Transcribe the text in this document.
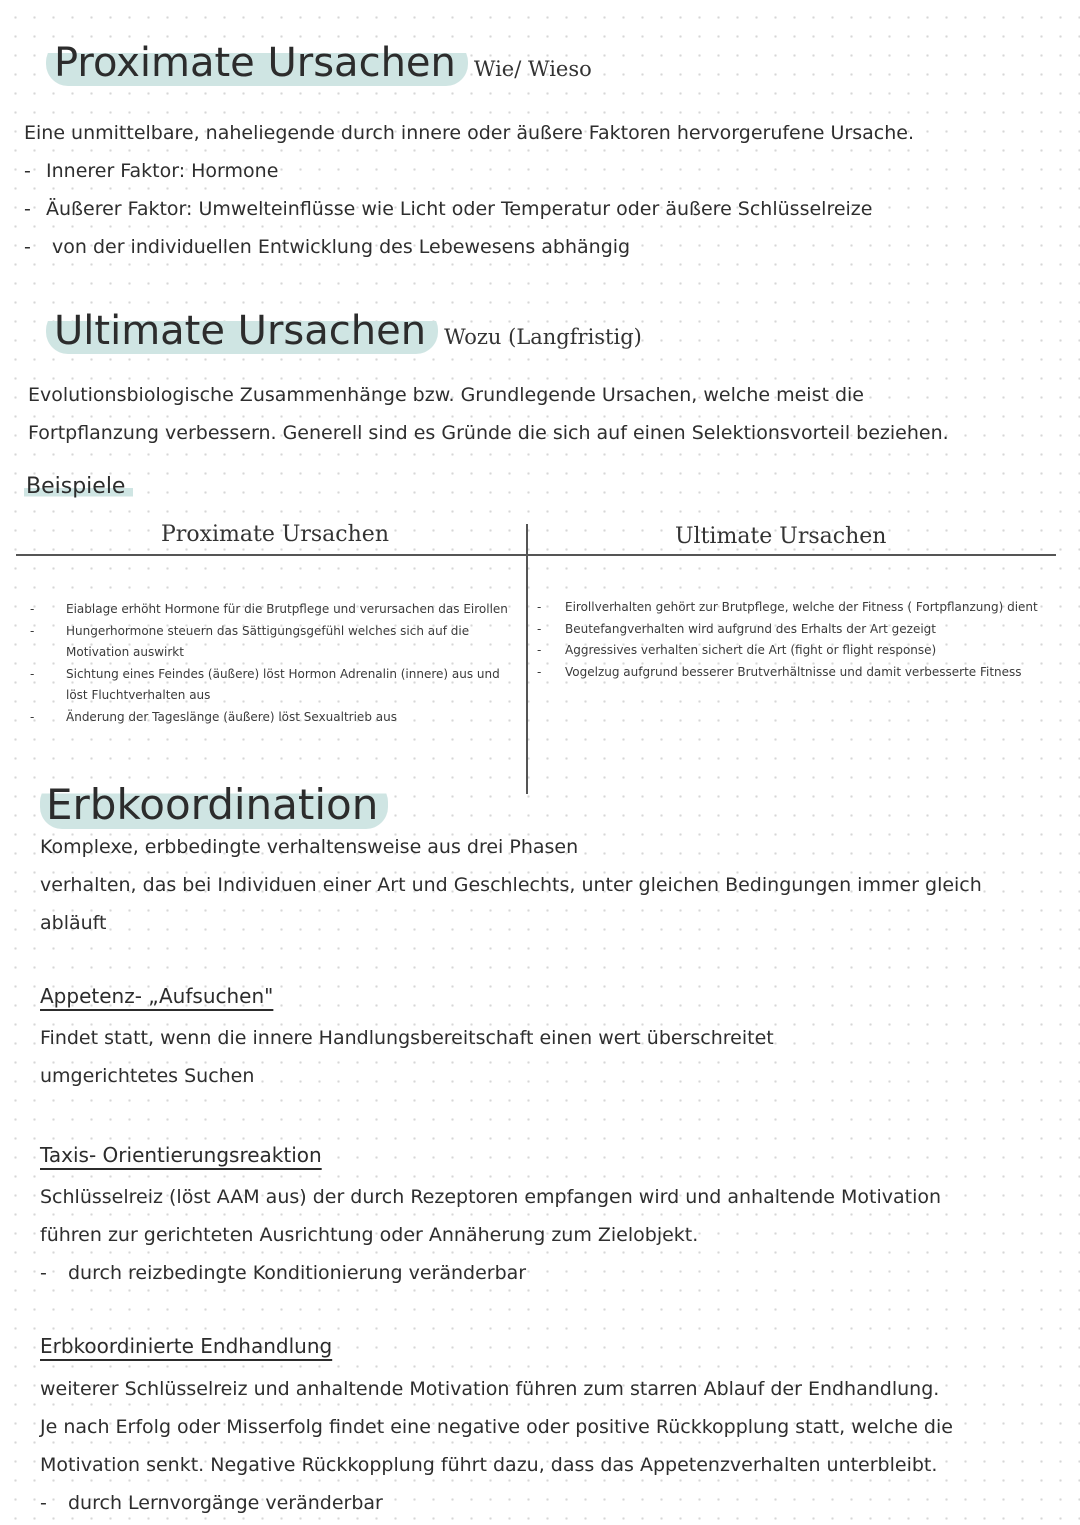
Proximate Ursachen Wie/ Wieso
Eine unmittelbare, naheliegende durch innere oder äußere Faktoren hervorgerufene Ursache.
- Innerer Faktor: Hormone
- Äußerer Faktor: Umwelteinflüsse wie Licht oder Temperatur oder äußere Schlüsselreize
- von der individuellen Entwicklung des Lebewesens abhängig
Ultimate Ursachen Wozu (Langfristig)
Evolutionsbiologische Zusammenhänge bzw. Grundlegende Ursachen, welche meist die
Fortpflanzung verbessern. Generell sind es Gründe die sich auf einen Selektionsvorteil beziehen.
Beispiele
Proximate Ursachen	Ultimate Ursachen
-	Eiablage erhöht Hormone für die Brutpflege und verursachen das Eirollen
-	Hungerhormone steuern das Sättigungsgefühl welches sich auf die
Motivation auswirkt
-	Sichtung eines Feindes (äußere) löst Hormon Adrenalin (innere) aus und
löst Fluchtverhalten aus
-	Änderung der Tageslänge (äußere) löst Sexualtrieb aus
- Eirollverhalten gehört zur Brutpflege, welche der Fitness ( Fortpflanzung) dient
- Beutefangverhalten wird aufgrund des Erhalts der Art gezeigt
- Aggressives verhalten sichert die Art (fight or flight response)
- Vogelzug aufgrund besserer Brutverhältnisse und damit verbesserte Fitness
Erbkoordination
Komplexe, erbbedingte verhaltensweise aus drei Phasen
verhalten, das bei Individuen einer Art und Geschlechts, unter gleichen Bedingungen immer gleich
abläuft
Appetenz- „Aufsuchen"
Findet statt, wenn die innere Handlungsbereitschaft einen wert überschreitet
umgerichtetes Suchen
Taxis- Orientierungsreaktion
Schlüsselreiz (löst AAM aus) der durch Rezeptoren empfangen wird und anhaltende Motivation
führen zur gerichteten Ausrichtung oder Annäherung zum Zielobjekt.
- durch reizbedingte Konditionierung veränderbar
Erbkoordinierte Endhandlung
weiterer Schlüsselreiz und anhaltende Motivation führen zum starren Ablauf der Endhandlung.
Je nach Erfolg oder Misserfolg findet eine negative oder positive Rückkopplung statt, welche die
Motivation senkt. Negative Rückkopplung führt dazu, dass das Appetenzverhalten unterbleibt.
- durch Lernvorgänge veränderbar
